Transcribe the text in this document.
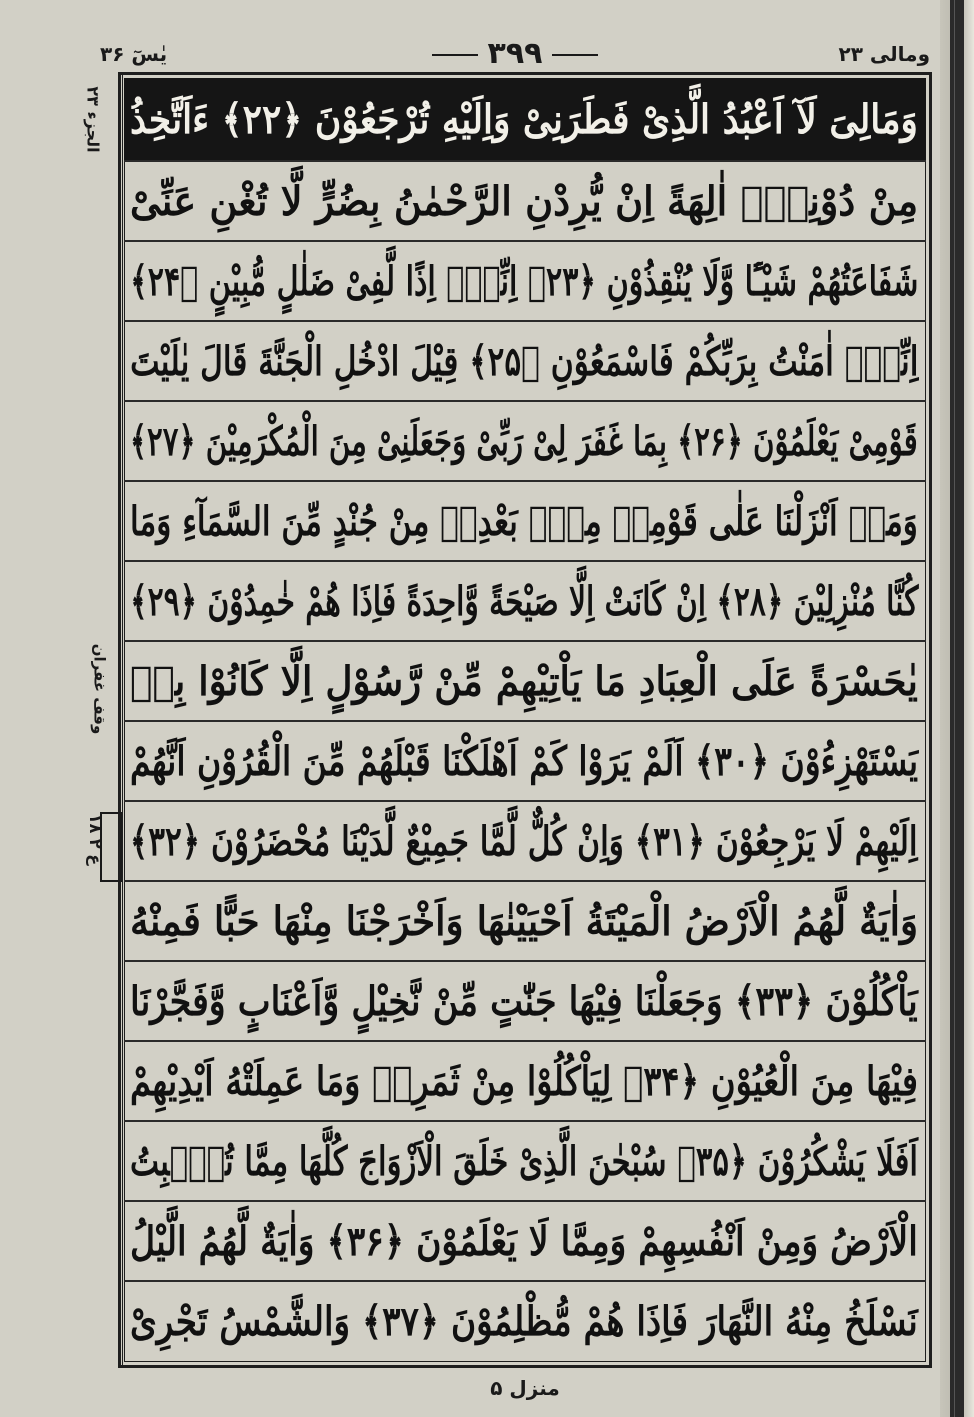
یٰسٓ ۳۶	۳۹۹	ومالی ۲۳
وَمَالِیَ لَآ اَعْبُدُ الَّذِیْ فَطَرَنِیْ وَاِلَیْهِ تُرْجَعُوْنَ ﴿۲۲﴾ ءَاَتَّخِذُ
مِنْ دُوْنِهٖۤ اٰلِهَةً اِنْ یُّرِدْنِ الرَّحْمٰنُ بِضُرٍّ لَّا تُغْنِ عَنِّیْ
شَفَاعَتُهُمْ شَیْـًٔا وَّلَا یُنْقِذُوْنِ ﴿۲۳﴾ اِنِّیْۤ اِذًا لَّفِیْ ضَلٰلٍ مُّبِیْنٍ ﴿۲۴﴾
اِنِّیْۤ اٰمَنْتُ بِرَبِّكُمْ فَاسْمَعُوْنِ ﴿۲۵﴾ قِیْلَ ادْخُلِ الْجَنَّةَ قَالَ یٰلَیْتَ
قَوْمِیْ یَعْلَمُوْنَ ﴿۲۶﴾ بِمَا غَفَرَ لِیْ رَبِّیْ وَجَعَلَنِیْ مِنَ الْمُكْرَمِیْنَ ﴿۲۷﴾
وَمَاۤ اَنْزَلْنَا عَلٰى قَوْمِهٖ مِنْۢ بَعْدِهٖ مِنْ جُنْدٍ مِّنَ السَّمَآءِ وَمَا
كُنَّا مُنْزِلِیْنَ ﴿۲۸﴾ اِنْ كَانَتْ اِلَّا صَیْحَةً وَّاحِدَةً فَاِذَا هُمْ خٰمِدُوْنَ ﴿۲۹﴾
یٰحَسْرَةً عَلَى الْعِبَادِ مَا یَاْتِیْهِمْ مِّنْ رَّسُوْلٍ اِلَّا كَانُوْا بِهٖ
یَسْتَهْزِءُوْنَ ﴿۳۰﴾ اَلَمْ یَرَوْا كَمْ اَهْلَكْنَا قَبْلَهُمْ مِّنَ الْقُرُوْنِ اَنَّهُمْ
اِلَیْهِمْ لَا یَرْجِعُوْنَ ﴿۳۱﴾ وَاِنْ كُلٌّ لَّمَّا جَمِیْعٌ لَّدَیْنَا مُحْضَرُوْنَ ﴿۳۲﴾
وَاٰیَةٌ لَّهُمُ الْاَرْضُ الْمَیْتَةُ اَحْیَیْنٰهَا وَاَخْرَجْنَا مِنْهَا حَبًّا فَمِنْهُ
یَاْكُلُوْنَ ﴿۳۳﴾ وَجَعَلْنَا فِیْهَا جَنّٰتٍ مِّنْ نَّخِیْلٍ وَّاَعْنَابٍ وَّفَجَّرْنَا
فِیْهَا مِنَ الْعُیُوْنِ ﴿۳۴﴾ لِیَاْكُلُوْا مِنْ ثَمَرِهٖ وَمَا عَمِلَتْهُ اَیْدِیْهِمْ
اَفَلَا یَشْكُرُوْنَ ﴿۳۵﴾ سُبْحٰنَ الَّذِیْ خَلَقَ الْاَزْوَاجَ كُلَّهَا مِمَّا تُنْۢبِتُ
الْاَرْضُ وَمِنْ اَنْفُسِهِمْ وَمِمَّا لَا یَعْلَمُوْنَ ﴿۳۶﴾ وَاٰیَةٌ لَّهُمُ الَّیْلُ
نَسْلَخُ مِنْهُ النَّهَارَ فَاِذَا هُمْ مُّظْلِمُوْنَ ﴿۳۷﴾ وَالشَّمْسُ تَجْرِیْ
الجزء ۲۳
وقف غفران
ع ۲ ۱۸
منزل ۵
